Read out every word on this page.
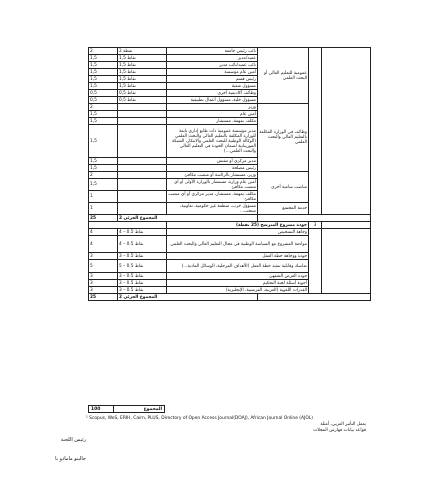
2	2 نقطة	نائب رئيس جامعة	عمومية للتعليم العالي أو البحث العلمي		
1,5	1,5 نقاط	عميد/مدير			
1,5	1,5 نقاط	نائب عميد/نائب مدير			
1,5	1,5 نقاط	أمين عام مؤسسة			
1,5	1,5 نقاط	رئيس قسم			
1,5	1,5 نقاط	مسؤول شعبة			
0,5	0,5 نقاط	وظائف أكاديمية أخرى			
0,5	0,5 نقاط	مسؤول خلية، مسؤول أعمال تطبيقية			
2		وزير	وظائف في الوزارة المكلفة بالتعليم العالي والبحث العلمي		
1,5		أمين عام			
1,5		مكلف بمهمة، مستشار			
1,5		مدير مؤسسة عمومية ذات طابع إداري تابعة للوزارة المكلفة بالتعليم العالي والبحث العلمي (الوكالة الوطنية للبحث العلمي والابتكار، الشبكة الموريتانية لضمان الجودة في التعليم العالي والبحث العلمي...)			
1,5		مدير مركزي أو مفتش			
1,5		رئيس مصلحة			
2		وزير، مستشار بالرئاسة أو منصب مكافئ	مناصب سامية أخرى		
1,5		أمين عام وزارة، مستشار بالوزارة الأولى أو أي منصب مكافئ			
1		مكلف بمهمة، مستشار، مدير مركزي أو أي منصب مكافئ			
1		مسؤول حزب، منظمة غير حكومية، تعاونية، منتخب...	خدمة المجتمع		
25	المجموع الجزئي 2				
		جودة مشروع المترشح (25 نقطة)		3	
4	4 – 0.5 نقاط	وجاهة التشخيص			
4	4 – 0.5 نقاط	مواءمة المشروع مع السياسة الوطنية في مجال التعليم العالي والبحث العلمي			
3	3 – 0.5 نقاط	جودة ووجاهة خطة العمل			
5	5 – 0.5 نقاط	تماسك وقابلية تنفيذ خطة العمل (الأهداف المرحلية، الوسائل المادية...)			
3	3 – 0.5 نقاط	جودة العرض الشفهي			
3	3 – 0.5 نقاط	أجوبة أسئلة لجنة التحكيم			
3	3 – 0.5 نقاط	القدرات اللغوية (العربية، الفرنسية، الإنجليزية)			
25	المجموع الجزئي 2				
100	المجموع
¹ Scopus, WoS, ERIH, Cairn, PLUS, Directory of Open Access Journal(DOAJ), African Journal Online (AJOL)
يعمل التأثير العربي، أمثلة
قواعد بيانات فهارس المجلات
رئيس اللجنة
جالبنو مامادو با
